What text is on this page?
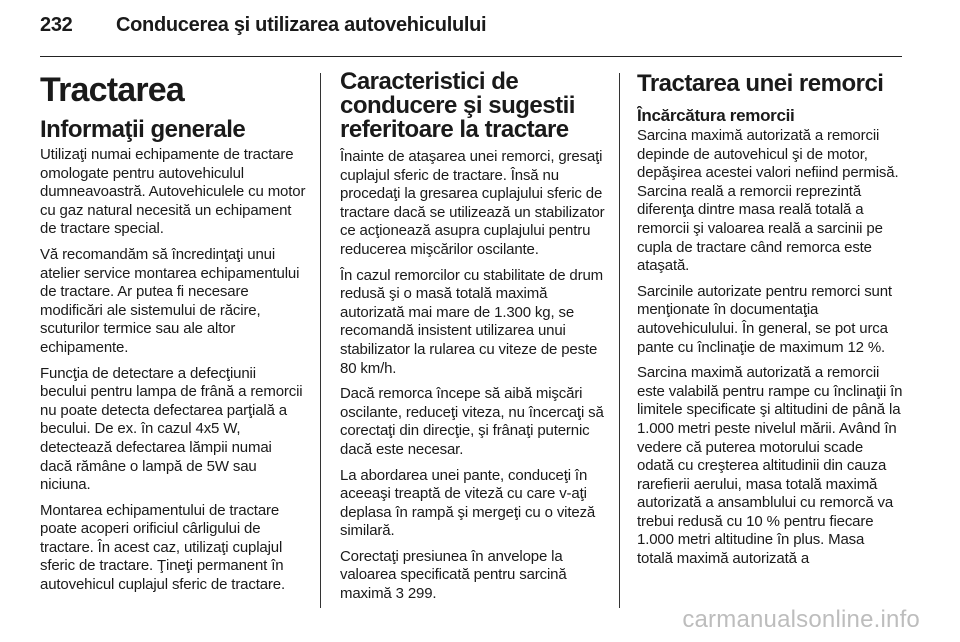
232 Conducerea şi utilizarea autovehiculului
Tractarea
Informaţii generale

Utilizaţi numai echipamente de tractare omologate pentru autovehiculul dumneavoastră. Autovehiculele cu motor cu gaz natural necesită un echipament de tractare special.

Vă recomandăm să încredinţaţi unui atelier service montarea echipamentului de tractare. Ar putea fi necesare modificări ale sistemului de răcire, scuturilor termice sau ale altor echipamente.

Funcţia de detectare a defecţiunii becului pentru lampa de frână a remorcii nu poate detecta defectarea parţială a becului. De ex. în cazul 4x5 W, detectează defectarea lămpii numai dacă rămâne o lampă de 5W sau niciuna.

Montarea echipamentului de tractare poate acoperi orificiul cârligului de tractare. În acest caz, utilizaţi cuplajul sferic de tractare. Ţineţi permanent în autovehicul cuplajul sferic de tractare.

Caracteristici de conducere şi sugestii referitoare la tractare

Înainte de ataşarea unei remorci, gresaţi cuplajul sferic de tractare. Însă nu procedaţi la gresarea cuplajului sferic de tractare dacă se utilizează un stabilizator ce acţionează asupra cuplajului pentru reducerea mişcărilor oscilante.

În cazul remorcilor cu stabilitate de drum redusă şi o masă totală maximă autorizată mai mare de 1.300 kg, se recomandă insistent utilizarea unui stabilizator la rularea cu viteze de peste 80 km/h.

Dacă remorca începe să aibă mişcări oscilante, reduceţi viteza, nu încercaţi să corectaţi din direcţie, şi frânaţi puternic dacă este necesar.

La abordarea unei pante, conduceţi în aceeaşi treaptă de viteză cu care v-aţi deplasa în rampă şi mergeţi cu o viteză similară.

Corectaţi presiunea în anvelope la valoarea specificată pentru sarcină maximă 3 299.

Tractarea unei remorci
Încărcătura remorcii

Sarcina maximă autorizată a remorcii depinde de autovehicul şi de motor, depăşirea acestei valori nefiind permisă. Sarcina reală a remorcii reprezintă diferenţa dintre masa reală totală a remorcii şi valoarea reală a sarcinii pe cupla de tractare când remorca este ataşată.

Sarcinile autorizate pentru remorci sunt menţionate în documentaţia autovehiculului. În general, se pot urca pante cu înclinaţie de maximum 12 %.

Sarcina maximă autorizată a remorcii este valabilă pentru rampe cu înclinaţii în limitele specificate şi altitudini de până la 1.000 metri peste nivelul mării. Având în vedere că puterea motorului scade odată cu creşterea altitudinii din cauza rarefierii aerului, masa totală maximă autorizată a ansamblului cu remorcă va trebui redusă cu 10 % pentru fiecare 1.000 metri altitudine în plus. Masa totală maximă autorizată a

carmanualsonline.info
